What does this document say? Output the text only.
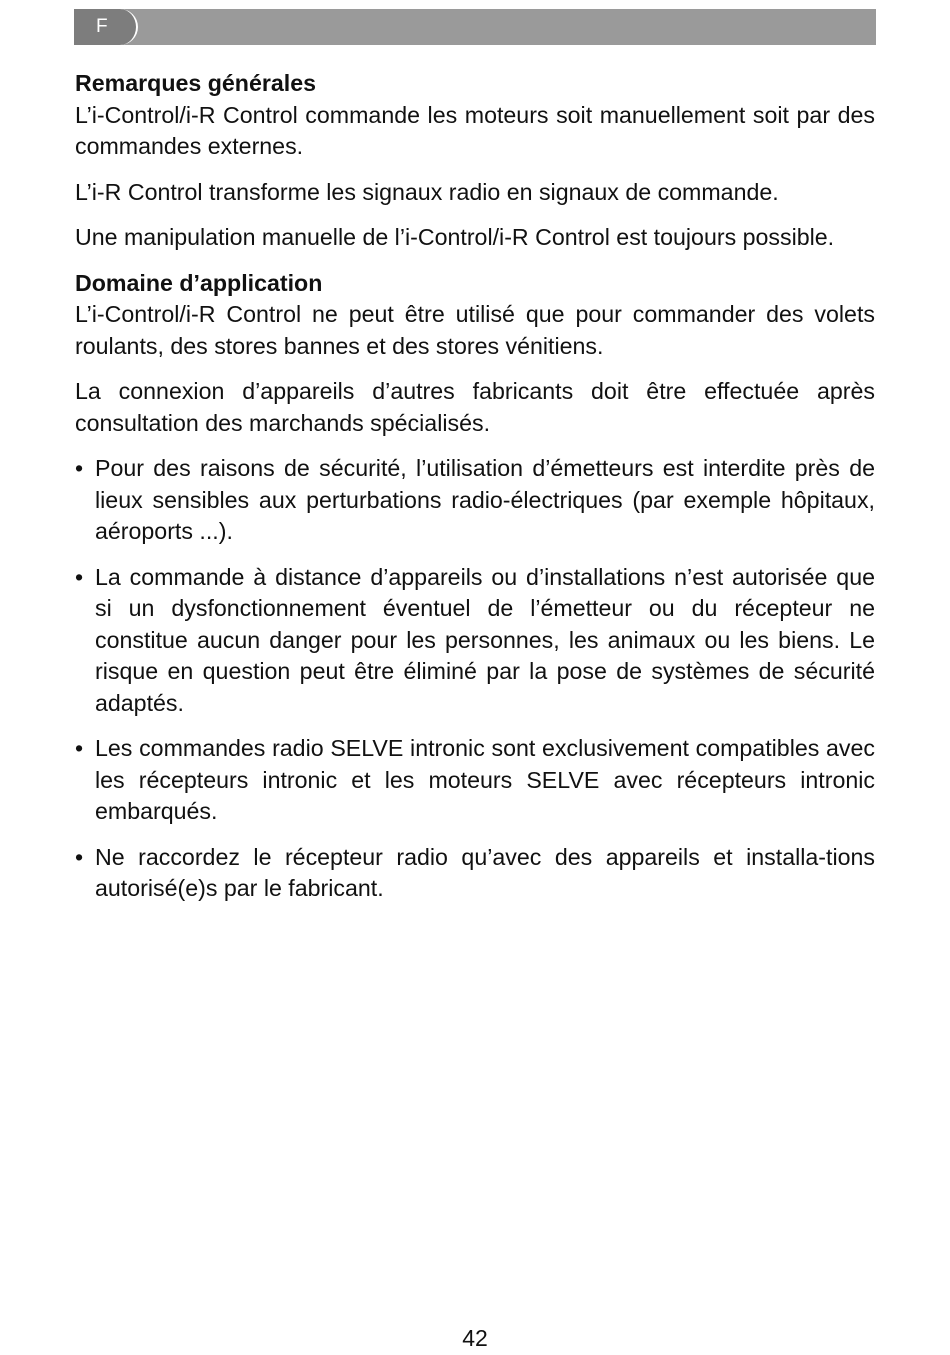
F
Remarques générales

L’i-Control/i-R Control commande les moteurs soit manuellement soit par des commandes externes.

L’i-R Control transforme les signaux radio en signaux de commande.

Une manipulation manuelle de l’i-Control/i-R Control est toujours possible.

Domaine d’application

L’i-Control/i-R Control ne peut être utilisé que pour commander des volets roulants, des stores bannes et des stores vénitiens.

La connexion d’appareils d’autres fabricants doit être effectuée après consultation des marchands spécialisés.

• Pour des raisons de sécurité, l’utilisation d’émetteurs est interdite près de lieux sensibles aux perturbations radio-électriques (par exemple hôpitaux, aéroports ...).
• La commande à distance d’appareils ou d’installations n’est autorisée que si un dysfonctionnement éventuel de l’émetteur ou du récepteur ne constitue aucun danger pour les personnes, les animaux ou les biens. Le risque en question peut être éliminé par la pose de systèmes de sécurité adaptés.
• Les commandes radio SELVE intronic sont exclusivement compatibles avec les récepteurs intronic et les moteurs SELVE avec récepteurs intronic embarqués.
• Ne raccordez le récepteur radio qu’avec des appareils et installa-tions autorisé(e)s par le fabricant.
42
